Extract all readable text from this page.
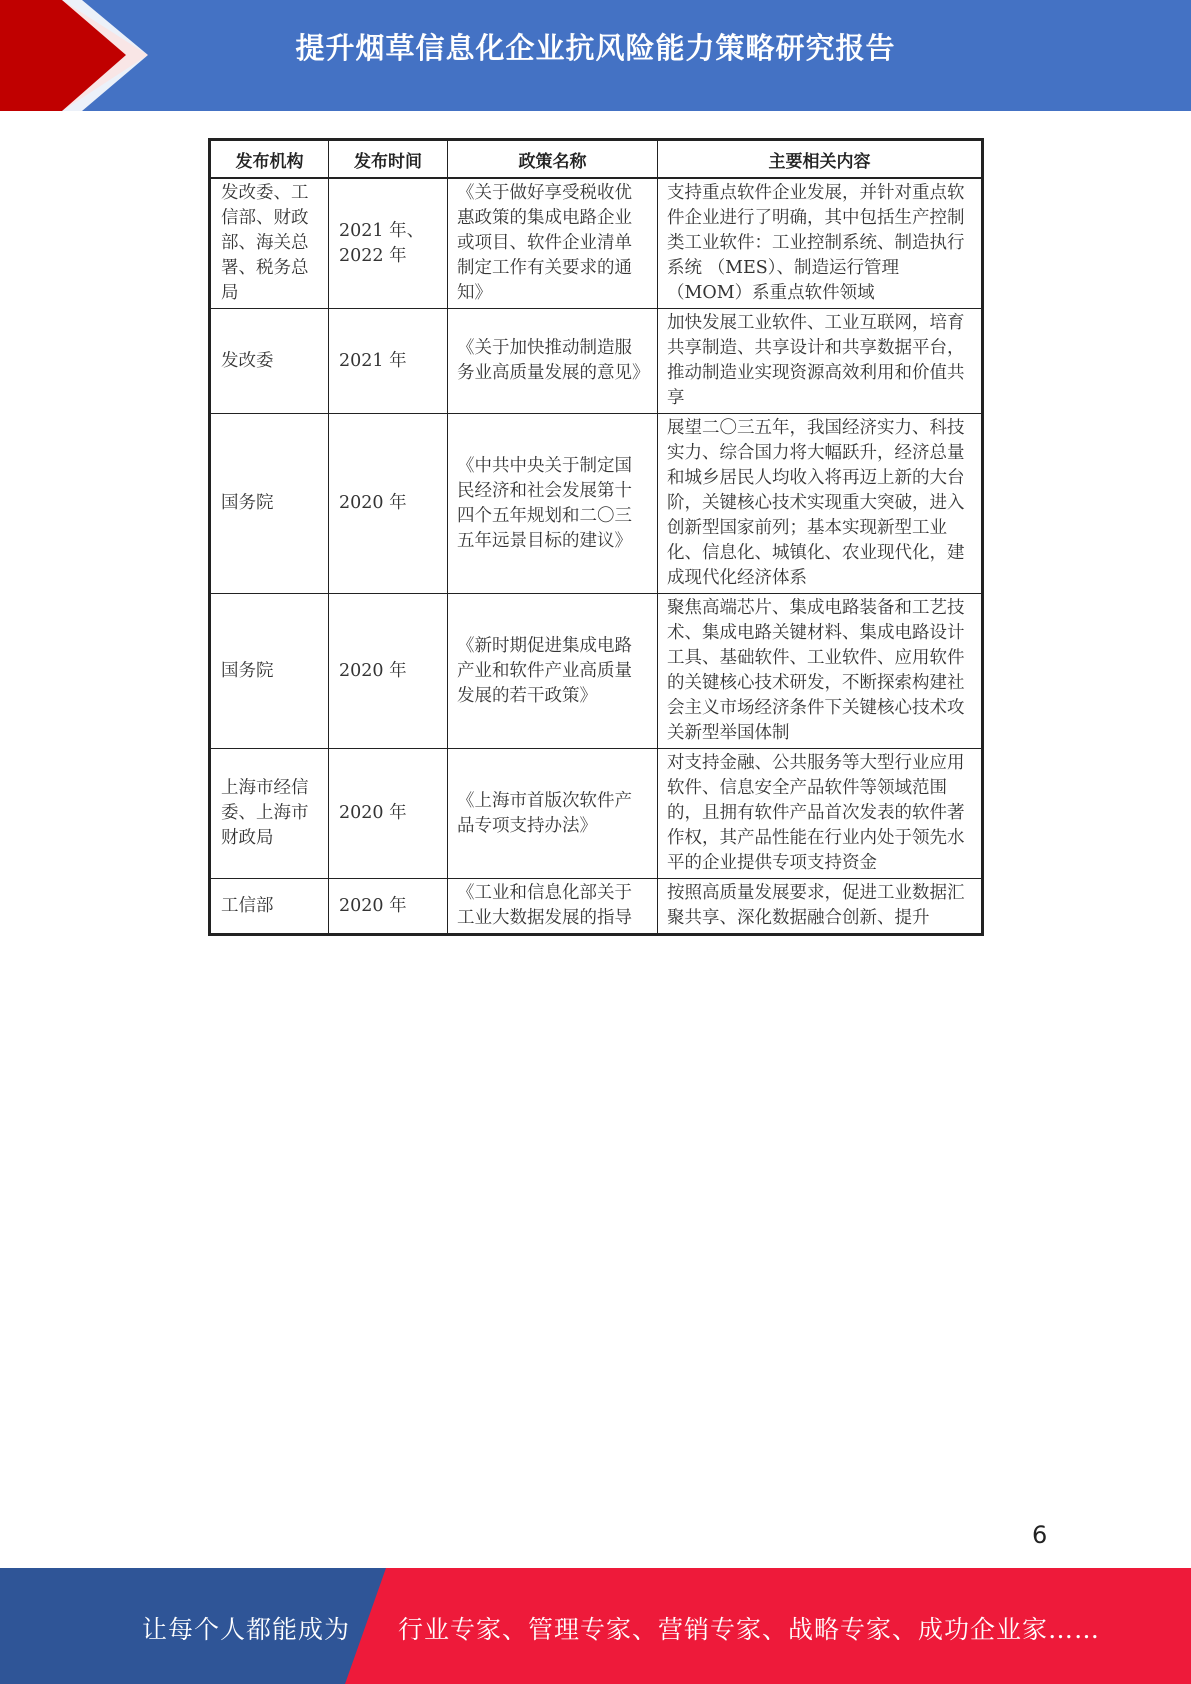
提升烟草信息化企业抗风险能力策略研究报告
发布机构	发布时间	政策名称	主要相关内容
发改委、工信部、财政部、海关总署、税务总局	2021 年、2022 年	《关于做好享受税收优惠政策的集成电路企业或项目、软件企业清单制定工作有关要求的通知》	支持重点软件企业发展，并针对重点软件企业进行了明确，其中包括生产控制类工业软件：工业控制系统、制造执行系统 （MES）、制造运行管理（MOM）系重点软件领域
发改委	2021 年	《关于加快推动制造服务业高质量发展的意见》	加快发展工业软件、工业互联网，培育共享制造、共享设计和共享数据平台，推动制造业实现资源高效利用和价值共享
国务院	2020 年	《中共中央关于制定国民经济和社会发展第十四个五年规划和二〇三五年远景目标的建议》	展望二〇三五年，我国经济实力、科技实力、综合国力将大幅跃升，经济总量和城乡居民人均收入将再迈上新的大台阶，关键核心技术实现重大突破，进入创新型国家前列；基本实现新型工业化、信息化、城镇化、农业现代化，建成现代化经济体系
国务院	2020 年	《新时期促进集成电路产业和软件产业高质量发展的若干政策》	聚焦高端芯片、集成电路装备和工艺技术、集成电路关键材料、集成电路设计工具、基础软件、工业软件、应用软件的关键核心技术研发，不断探索构建社会主义市场经济条件下关键核心技术攻关新型举国体制
上海市经信委、上海市财政局	2020 年	《上海市首版次软件产品专项支持办法》	对支持金融、公共服务等大型行业应用软件、信息安全产品软件等领域范围的，且拥有软件产品首次发表的软件著作权，其产品性能在行业内处于领先水平的企业提供专项支持资金
工信部	2020 年	《工业和信息化部关于工业大数据发展的指导	按照高质量发展要求，促进工业数据汇聚共享、深化数据融合创新、提升
6
让每个人都能成为 行业专家、管理专家、营销专家、战略专家、成功企业家……
